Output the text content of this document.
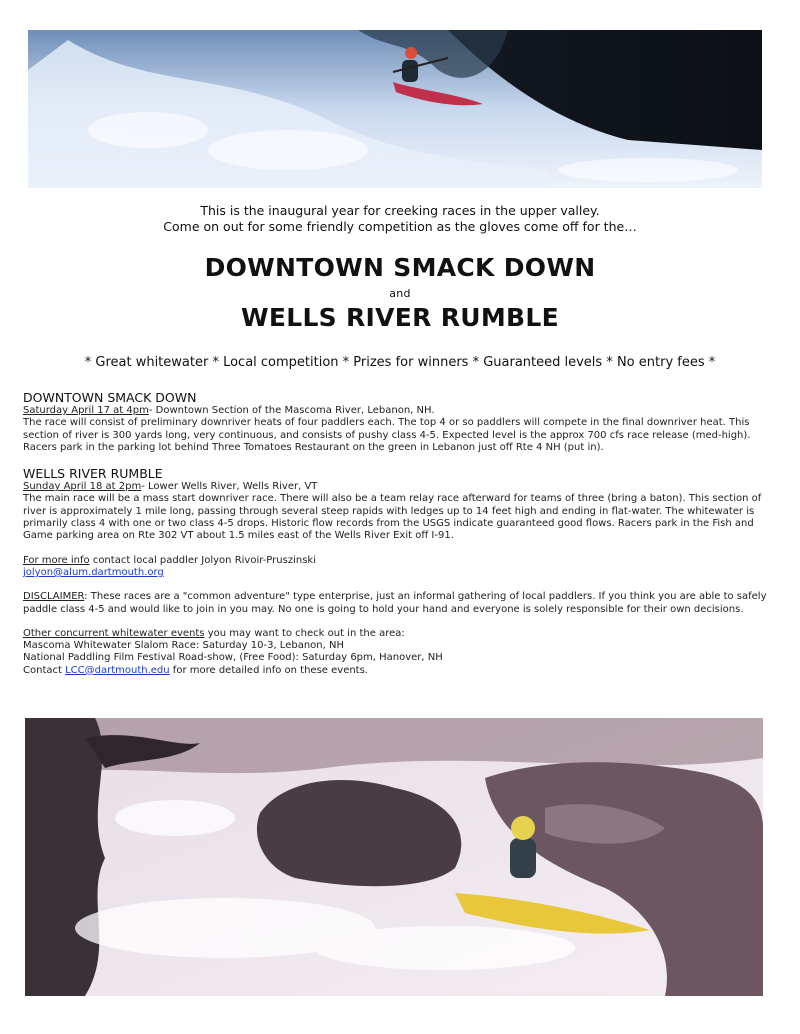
This is the inaugural year for creeking races in the upper valley.
Come on out for some friendly competition as the gloves come off for the…
DOWNTOWN SMACK DOWN
and
WELLS RIVER RUMBLE
* Great whitewater * Local competition * Prizes for winners * Guaranteed levels * No entry fees *
DOWNTOWN SMACK DOWN

Saturday April 17 at 4pm- Downtown Section of the Mascoma River, Lebanon, NH.

The race will consist of preliminary downriver heats of four paddlers each. The top 4 or so paddlers will compete in the final downriver heat. This section of river is 300 yards long, very continuous, and consists of pushy class 4-5. Expected level is the approx 700 cfs race release (med-high). Racers park in the parking lot behind Three Tomatoes Restaurant on the green in Lebanon just off Rte 4 NH (put in).

WELLS RIVER RUMBLE

Sunday April 18 at 2pm- Lower Wells River, Wells River, VT

The main race will be a mass start downriver race. There will also be a team relay race afterward for teams of three (bring a baton). This section of river is approximately 1 mile long, passing through several steep rapids with ledges up to 14 feet high and ending in flat-water. The whitewater is primarily class 4 with one or two class 4-5 drops. Historic flow records from the USGS indicate guaranteed good flows. Racers park in the Fish and Game parking area on Rte 302 VT about 1.5 miles east of the Wells River Exit off I-91.

For more info contact local paddler Jolyon Rivoir-Pruszinski

jolyon@alum.dartmouth.org

DISCLAIMER: These races are a "common adventure" type enterprise, just an informal gathering of local paddlers. If you think you are able to safely paddle class 4-5 and would like to join in you may. No one is going to hold your hand and everyone is solely responsible for their own decisions.

Other concurrent whitewater events you may want to check out in the area:

Mascoma Whitewater Slalom Race: Saturday 10-3, Lebanon, NH

National Paddling Film Festival Road-show, (Free Food): Saturday 6pm, Hanover, NH

Contact LCC@dartmouth.edu for more detailed info on these events.
